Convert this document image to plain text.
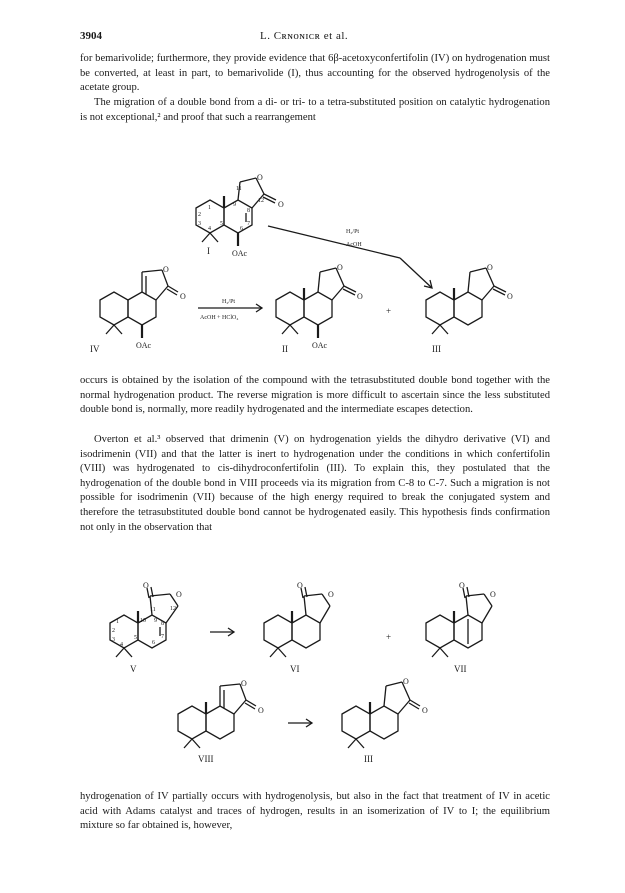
3904	L. Cʀɴᴏɴɪᴄʀ et al.

for bemarivolide; furthermore, they provide evidence that 6β-acetoxyconfertifolin (IV) on hydrogenation must be converted, at least in part, to bemarivolide (I), thus accounting for the observed hydrogenolysis of the acetate group.

The migration of a double bond from a di- or tri- to a tetra-substituted position on catalytic hydrogenation is not exceptional,² and proof that such a rearrangement

O
O
11
12
1
2
3
4
5
6
7
8
9
I	OAc
H₂/Pt
AcOH
O
O
IV	OAc
H₂/Pt
AcOH + HClO₄
O
O
II	OAc
+
O
O
III

occurs is obtained by the isolation of the compound with the tetrasubstituted double bond together with the normal hydrogenation product. The reverse migration is more difficult to ascertain since the less substituted double bond is, normally, more readily hydrogenated and the intermediate escapes detection.

Overton et al.³ observed that drimenin (V) on hydrogenation yields the dihydro derivative (VI) and isodrimenin (VII) and that the latter is inert to hydrogenation under the conditions in which confertifolin (VIII) was hydrogenated to cis-dihydroconfertifolin (III). To explain this, they postulated that the hydrogenation of the double bond in VIII proceeds via its migration from C-8 to C-7. Such a migration is not possible for isodrimenin (VII) because of the high energy required to break the conjugated system and therefore the tetrasubstituted double bond cannot be hydrogenated easily. This hypothesis finds confirmation not only in the observation that

O
O
11 12
1
2
3
4
5
6
7
8
9
10
V
O
O
VI
+
O
O
VII
O
O
VIII
O
O
III

hydrogenation of IV partially occurs with hydrogenolysis, but also in the fact that treatment of IV in acetic acid with Adams catalyst and traces of hydrogen, results in an isomerization of IV to I; the equilibrium mixture so far obtained is, however,
